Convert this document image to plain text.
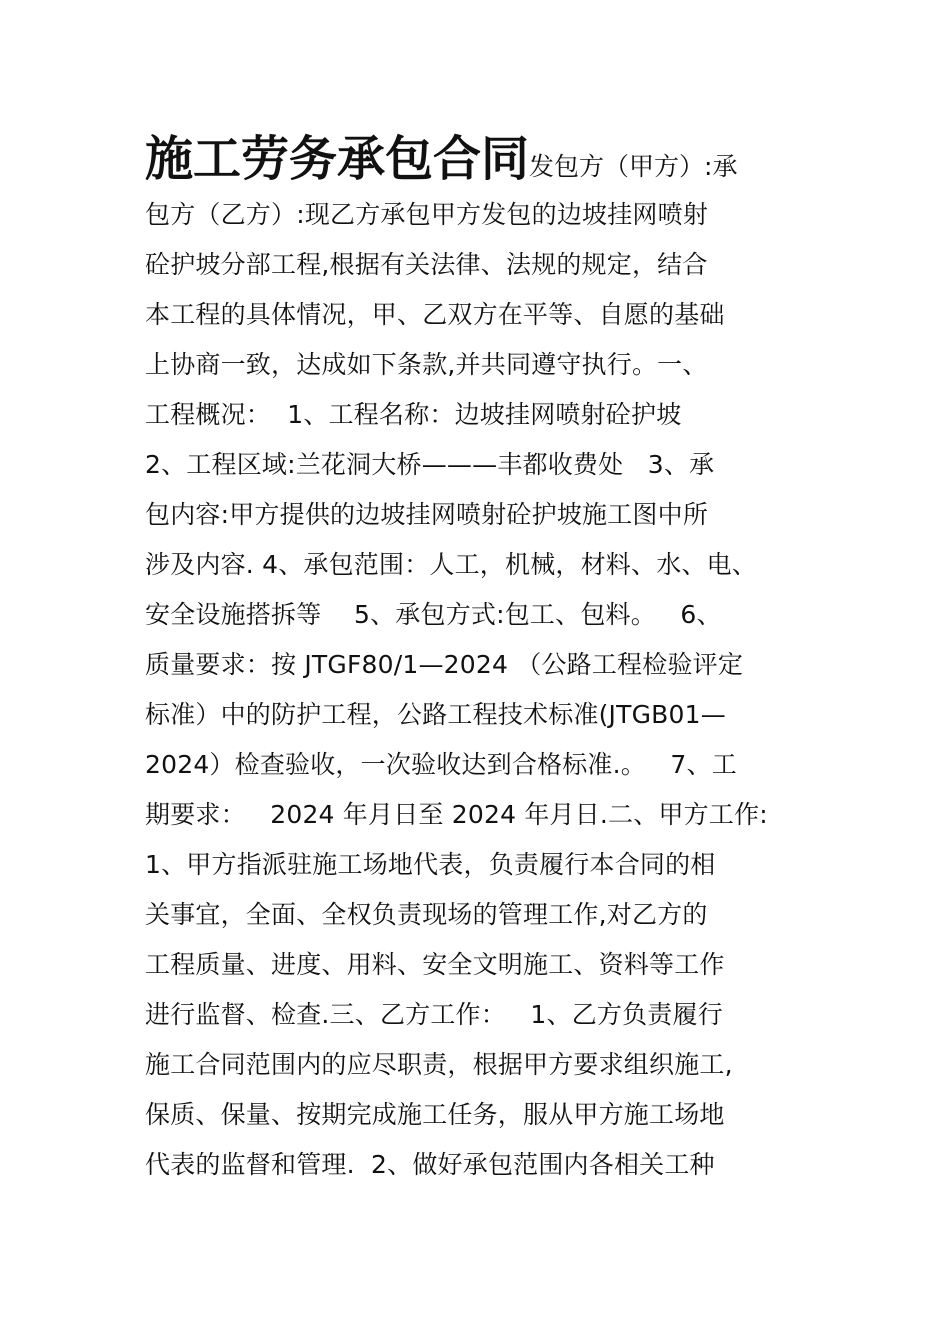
施工劳务承包合同发包方（甲方）:承
包方（乙方）:现乙方承包甲方发包的边坡挂网喷射
砼护坡分部工程,根据有关法律、法规的规定，结合
本工程的具体情况，甲、乙双方在平等、自愿的基础
上协商一致，达成如下条款,并共同遵守执行。一、
工程概况：  1、工程名称：边坡挂网喷射砼护坡
2、工程区域:兰花洞大桥———丰都收费处   3、承
包内容:甲方提供的边坡挂网喷射砼护坡施工图中所
涉及内容. 4、承包范围：人工，机械，材料、水、电、
安全设施搭拆等    5、承包方式:包工、包料。   6、
质量要求：按 JTGF80/1—2024 （公路工程检验评定
标准）中的防护工程，公路工程技术标准(JTGB01—
2024）检查验收，一次验收达到合格标准.。   7、工
期要求：   2024 年月日至 2024 年月日.二、甲方工作:
1、甲方指派驻施工场地代表，负责履行本合同的相
关事宜，全面、全权负责现场的管理工作,对乙方的
工程质量、进度、用料、安全文明施工、资料等工作
进行监督、检查.三、乙方工作：   1、乙方负责履行
施工合同范围内的应尽职责，根据甲方要求组织施工,
保质、保量、按期完成施工任务，服从甲方施工场地
代表的监督和管理.  2、做好承包范围内各相关工种
